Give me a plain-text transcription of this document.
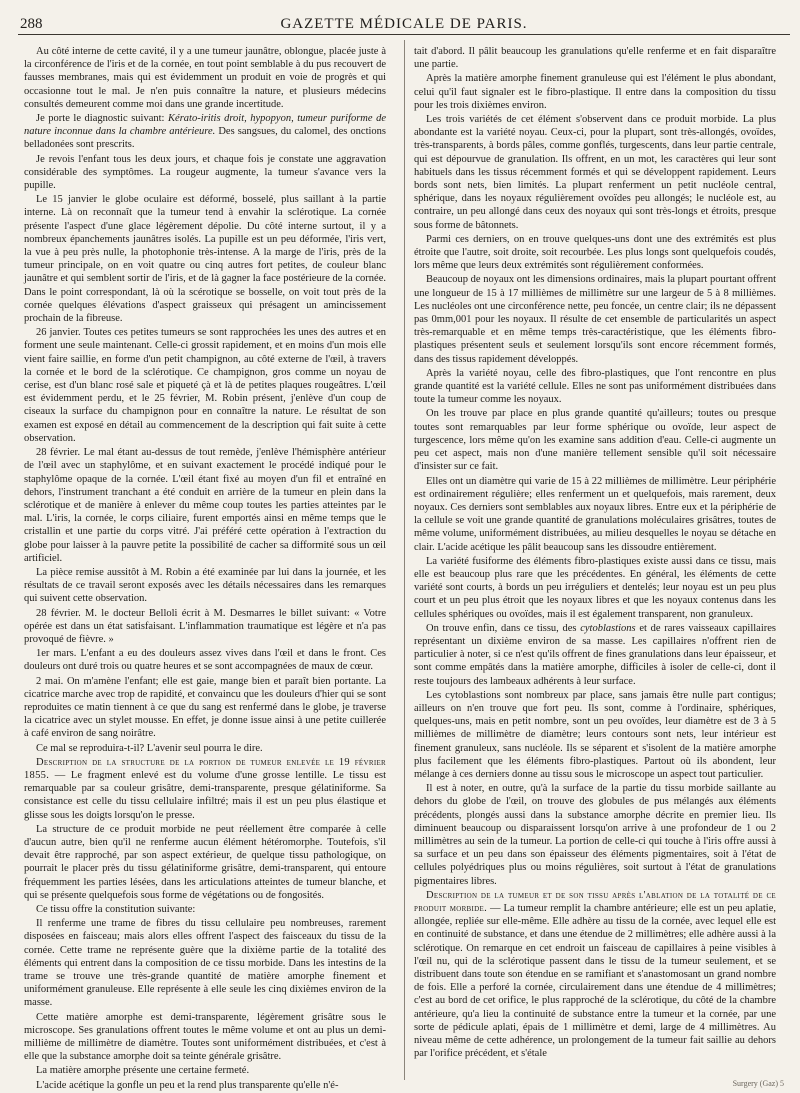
288	GAZETTE MÉDICALE DE PARIS.

Au côté interne de cette cavité, il y a une tumeur jaunâtre, oblongue, placée juste à la circonférence de l'iris et de la cornée, en tout point semblable à du pus recouvert de fausses membranes, mais qui est évidemment un produit en voie de progrès et qui occasionne tout le mal. Je n'en puis connaître la nature, et plusieurs médecins consultés demeurent comme moi dans une grande incertitude.

Je porte le diagnostic suivant: Kérato-iritis droit, hypopyon, tumeur puriforme de nature inconnue dans la chambre antérieure. Des sangsues, du calomel, des onctions belladonées sont prescrits.

Je revois l'enfant tous les deux jours, et chaque fois je constate une aggravation considérable des symptômes. La rougeur augmente, la tumeur s'avance vers la pupille.

Le 15 janvier le globe oculaire est déformé, bosselé, plus saillant à la partie interne. Là on reconnaît que la tumeur tend à envahir la sclérotique. La cornée présente l'aspect d'une glace légèrement dépolie. Du côté interne surtout, il y a nombreux épanchements jaunâtres isolés. La pupille est un peu déformée, l'iris vert, la vue à peu près nulle, la photophonie très-intense. A la marge de l'iris, près de la tumeur principale, on en voit quatre ou cinq autres fort petites, de couleur blanc jaunâtre et qui semblent sortir de l'iris, et de là gagner la face postérieure de la cornée. Dans le point correspondant, là où la scérotique se bosselle, on voit tout près de la cornée quelques élévations d'aspect graisseux qui présagent un amincissement prochain de la fibreuse.

26 janvier. Toutes ces petites tumeurs se sont rapprochées les unes des autres et en forment une seule maintenant. Celle-ci grossit rapidement, et en moins d'un mois elle vient faire saillie, en forme d'un petit champignon, au côté externe de l'œil, à travers la cornée et le bord de la sclérotique. Ce champignon, gros comme un noyau de cerise, est d'un blanc rosé sale et piqueté çà et là de petites plaques rougeâtres. L'œil est évidemment perdu, et le 25 février, M. Robin présent, j'enlève d'un coup de ciseaux la surface du champignon pour en connaître la nature. Le résultat de son examen est exposé en détail au commencement de la description qui fait suite à cette observation.

28 février. Le mal étant au-dessus de tout remède, j'enlève l'hémisphère antérieur de l'œil avec un staphylôme, et en suivant exactement le procédé indiqué pour le staphylôme opaque de la cornée. L'œil étant fixé au moyen d'un fil et entraîné en dehors, l'instrument tranchant a été conduit en arrière de la tumeur en plein dans la sclérotique et de manière à enlever du même coup toutes les parties atteintes par le mal. L'iris, la cornée, le corps ciliaire, furent emportés ainsi en même temps que le cristallin et une partie du corps vitré. J'ai préféré cette opération à l'extraction du globe pour laisser à la pauvre petite la possibilité de cacher sa difformité sous un œil artificiel.

La pièce remise aussitôt à M. Robin a été examinée par lui dans la journée, et les résultats de ce travail seront exposés avec les détails nécessaires dans les remarques qui suivent cette observation.

28 février. M. le docteur Belloli écrit à M. Desmarres le billet suivant: « Votre opérée est dans un état satisfaisant. L'inflammation traumatique est légère et n'a pas provoqué de fièvre. »

1er mars. L'enfant a eu des douleurs assez vives dans l'œil et dans le front. Ces douleurs ont duré trois ou quatre heures et se sont accompagnées de maux de cœur.

2 mai. On m'amène l'enfant; elle est gaie, mange bien et paraît bien portante. La cicatrice marche avec trop de rapidité, et convaincu que les douleurs d'hier qui se sont reproduites ce matin tiennent à ce que du sang est renfermé dans le globe, je traverse la cicatrice avec un stylet mousse. En effet, je donne issue ainsi à une petite cuillerée à café environ de sang noirâtre.

Ce mal se reproduira-t-il? L'avenir seul pourra le dire.

Description de la structure de la portion de tumeur enlevée le 19 février 1855. — Le fragment enlevé est du volume d'une grosse lentille. Le tissu est remarquable par sa couleur grisâtre, demi-transparente, presque gélatiniforme. Sa consistance est celle du tissu cellulaire infiltré; mais il est un peu plus élastique et glisse sous les doigts lorsqu'on le presse.

La structure de ce produit morbide ne peut réellement être comparée à celle d'aucun autre, bien qu'il ne renferme aucun élément hétéromorphe. Toutefois, s'il devait être rapproché, par son aspect extérieur, de quelque tissu pathologique, on pourrait le placer près du tissu gélatiniforme grisâtre, demi-transparent, qui entoure fréquemment les parties lésées, dans les articulations atteintes de tumeur blanche, et qui se présente quelquefois sous forme de végétations ou de fongosités.

Ce tissu offre la constitution suivante:

Il renferme une trame de fibres du tissu cellulaire peu nombreuses, rarement disposées en faisceau; mais alors elles offrent l'aspect des faisceaux du tissu de la cornée. Cette trame ne représente guère que la dixième partie de la totalité des éléments qui entrent dans la composition de ce tissu morbide. Dans les intestins de la trame se trouve une très-grande quantité de matière amorphe finement et uniformément granuleuse. Elle représente à elle seule les cinq dixièmes environ de la masse.

Cette matière amorphe est demi-transparente, légèrement grisâtre sous le microscope. Ses granulations offrent toutes le même volume et ont au plus un demi-millième de millimètre de diamètre. Toutes sont uniformément distribuées, et c'est à elle que la substance amorphe doit sa teinte générale grisâtre.

La matière amorphe présente une certaine fermeté.

L'acide acétique la gonfle un peu et la rend plus transparente qu'elle n'é-

tait d'abord. Il pâlit beaucoup les granulations qu'elle renferme et en fait disparaître une partie.

Après la matière amorphe finement granuleuse qui est l'élément le plus abondant, celui qu'il faut signaler est le fibro-plastique. Il entre dans la composition du tissu pour les trois dixièmes environ.

Les trois variétés de cet élément s'observent dans ce produit morbide. La plus abondante est la variété noyau. Ceux-ci, pour la plupart, sont très-allongés, ovoïdes, très-transparents, à bords pâles, comme gonflés, turgescents, dans leur partie centrale, qui est dépourvue de granulation. Ils offrent, en un mot, les caractères qui leur sont habituels dans les tissus récemment formés et qui se développent rapidement. Leurs bords sont nets, bien limités. La plupart renferment un petit nucléole central, sphérique, dans les noyaux régulièrement ovoïdes peu allongés; le nucléole est, au contraire, un peu allongé dans ceux des noyaux qui sont très-longs et étroits, presque sous forme de bâtonnets.

Parmi ces derniers, on en trouve quelques-uns dont une des extrémités est plus étroite que l'autre, soit droite, soit recourbée. Les plus longs sont quelquefois coudés, lors même que leurs deux extrémités sont régulièrement conformées.

Beaucoup de noyaux ont les dimensions ordinaires, mais la plupart pourtant offrent une longueur de 15 à 17 millièmes de millimètre sur une largeur de 5 à 8 millièmes. Les nucléoles ont une circonférence nette, peu foncée, un centre clair; ils ne dépassent pas 0mm,001 pour les noyaux. Il résulte de cet ensemble de particularités un aspect très-remarquable et en même temps très-caractéristique, que les éléments fibro-plastiques présentent seuls et seulement lorsqu'ils sont encore récemment formés, dans des tissus rapidement développés.

Après la variété noyau, celle des fibro-plastiques, que l'ont rencontre en plus grande quantité est la variété cellule. Elles ne sont pas uniformément distribuées dans toute la tumeur comme les noyaux.

On les trouve par place en plus grande quantité qu'ailleurs; toutes ou presque toutes sont remarquables par leur forme sphérique ou ovoïde, leur aspect de turgescence, lors même qu'on les examine sans addition d'eau. Celle-ci augmente un peu cet aspect, mais non d'une manière tellement sensible qu'il soit nécessaire d'insister sur ce fait.

Elles ont un diamètre qui varie de 15 à 22 millièmes de millimètre. Leur périphérie est ordinairement régulière; elles renferment un et quelquefois, mais rarement, deux noyaux. Ces derniers sont semblables aux noyaux libres. Entre eux et la périphérie de la cellule se voit une grande quantité de granulations moléculaires grisâtres, toutes de même volume, uniformément distribuées, au milieu desquelles le noyau se détache en clair. L'acide acétique les pâlit beaucoup sans les dissoudre entièrement.

La variété fusiforme des éléments fibro-plastiques existe aussi dans ce tissu, mais elle est beaucoup plus rare que les précédentes. En général, les éléments de cette variété sont courts, à bords un peu irréguliers et dentelés; leur noyau est un peu plus court et un peu plus étroit que les noyaux libres et que les noyaux contenus dans les cellules sphériques ou ovoïdes, mais il est également transparent, non granuleux.

On trouve enfin, dans ce tissu, des cytoblastions et de rares vaisseaux capillaires représentant un dixième environ de sa masse. Les capillaires n'offrent rien de particulier à noter, si ce n'est qu'ils offrent de fines granulations dans leur épaisseur, et sont comme empâtés dans la matière amorphe, difficiles à isoler de celle-ci, dont il reste toujours des lambeaux adhérents à leur surface.

Les cytoblastions sont nombreux par place, sans jamais être nulle part contigus; ailleurs on n'en trouve que fort peu. Ils sont, comme à l'ordinaire, sphériques, quelques-uns, mais en petit nombre, sont un peu ovoïdes, leur diamètre est de 3 à 5 millièmes de millimètre de diamètre; leurs contours sont nets, leur intérieur est finement granuleux, sans nucléole. Ils se séparent et s'isolent de la matière amorphe plus facilement que les éléments fibro-plastiques. Partout où ils abondent, leur mélange à ces derniers donne au tissu sous le microscope un aspect tout particulier.

Il est à noter, en outre, qu'à la surface de la partie du tissu morbide saillante au dehors du globe de l'œil, on trouve des globules de pus mélangés aux éléments précédents, plongés aussi dans la substance amorphe décrite en premier lieu. Ils diminuent beaucoup ou disparaissent lorsqu'on arrive à une profondeur de 1 ou 2 millimètres au sein de la tumeur. La portion de celle-ci qui touche à l'iris offre aussi à sa surface et un peu dans son épaisseur des éléments pigmentaires, soit à l'état de cellules polyédriques plus ou moins régulières, soit surtout à l'état de granulations pigmentaires libres.

Description de la tumeur et de son tissu après l'ablation de la totalité de ce produit morbide. — La tumeur remplit la chambre antérieure; elle est un peu aplatie, allongée, repliée sur elle-même. Elle adhère au tissu de la cornée, avec lequel elle est en continuité de substance, et dans une étendue de 2 millimètres; elle adhère aussi à la sclérotique. On remarque en cet endroit un faisceau de capillaires à peine visibles à l'œil nu, qui de la sclérotique passent dans le tissu de la tumeur seulement, et se distribuent dans toute son étendue en se ramifiant et s'anastomosant un grand nombre de fois. Elle a perforé la cornée, circulairement dans une étendue de 4 millimètres; c'est au bord de cet orifice, le plus rapproché de la sclérotique, du côté de la chambre antérieure, qu'a lieu la continuité de substance entre la tumeur et la cornée, par une sorte de pédicule aplati, épais de 1 millimètre et demi, large de 4 millimètres. Au niveau même de cette adhérence, un prolongement de la tumeur fait saillie au dehors par l'orifice précédent, et s'étale

Surgery (Gaz) 5
